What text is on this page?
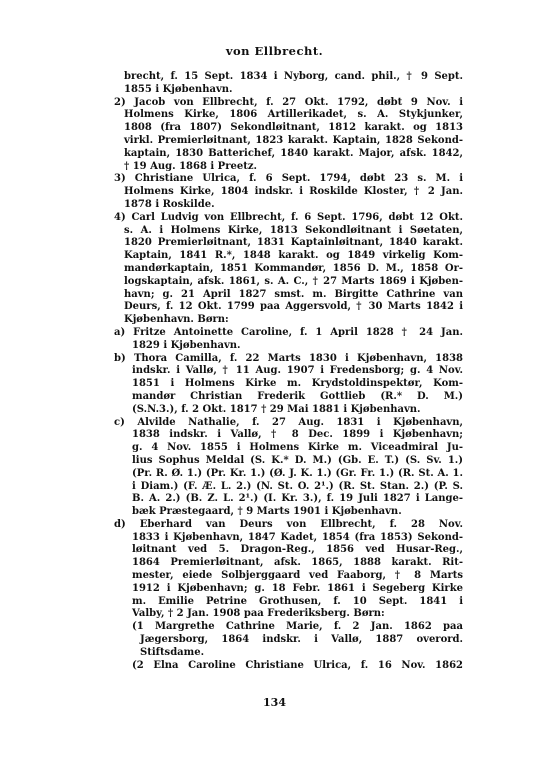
von Ellbrecht.
brecht, f. 15 Sept. 1834 i Nyborg, cand. phil., † 9 Sept.
1855 i Kjøbenhavn.
2) Jacob von Ellbrecht, f. 27 Okt. 1792, døbt 9 Nov. i
Holmens Kirke, 1806 Artillerikadet, s. A. Stykjunker,
1808 (fra 1807) Sekondløitnant, 1812 karakt. og 1813
virkl. Premierløitnant, 1823 karakt. Kaptain, 1828 Sekond-
kaptain, 1830 Batterichef, 1840 karakt. Major, afsk. 1842,
† 19 Aug. 1868 i Preetz.
3) Christiane Ulrica, f. 6 Sept. 1794, døbt 23 s. M. i
Holmens Kirke, 1804 indskr. i Roskilde Kloster, † 2 Jan.
1878 i Roskilde.
4) Carl Ludvig von Ellbrecht, f. 6 Sept. 1796, døbt 12 Okt.
s. A. i Holmens Kirke, 1813 Sekondløitnant i Søetaten,
1820 Premierløitnant, 1831 Kaptainløitnant, 1840 karakt.
Kaptain, 1841 R.*, 1848 karakt. og 1849 virkelig Kom-
mandørkaptain, 1851 Kommandør, 1856 D. M., 1858 Or-
logskaptain, afsk. 1861, s. A. C., † 27 Marts 1869 i Kjøben-
havn; g. 21 April 1827 smst. m. Birgitte Cathrine van
Deurs, f. 12 Okt. 1799 paa Aggersvold, † 30 Marts 1842 i
Kjøbenhavn. Børn:
a) Fritze Antoinette Caroline, f. 1 April 1828 † 24 Jan.
1829 i Kjøbenhavn.
b) Thora Camilla, f. 22 Marts 1830 i Kjøbenhavn, 1838
indskr. i Vallø, † 11 Aug. 1907 i Fredensborg; g. 4 Nov.
1851 i Holmens Kirke m. Krydstoldinspektør, Kom-
mandør Christian Frederik Gottlieb (R.* D. M.)
(S.N.3.), f. 2 Okt. 1817 † 29 Mai 1881 i Kjøbenhavn.
c) Alvilde Nathalie, f. 27 Aug. 1831 i Kjøbenhavn,
1838 indskr. i Vallø, † 8 Dec. 1899 i Kjøbenhavn;
g. 4 Nov. 1855 i Holmens Kirke m. Viceadmiral Ju-
lius Sophus Meldal (S. K.* D. M.) (Gb. E. T.) (S. Sv. 1.)
(Pr. R. Ø. 1.) (Pr. Kr. 1.) (Ø. J. K. 1.) (Gr. Fr. 1.) (R. St. A. 1.
i Diam.) (F. Æ. L. 2.) (N. St. O. 2¹.) (R. St. Stan. 2.) (P. S.
B. A. 2.) (B. Z. L. 2¹.) (I. Kr. 3.), f. 19 Juli 1827 i Lange-
bæk Præstegaard, † 9 Marts 1901 i Kjøbenhavn.
d) Eberhard van Deurs von Ellbrecht, f. 28 Nov.
1833 i Kjøbenhavn, 1847 Kadet, 1854 (fra 1853) Sekond-
løitnant ved 5. Dragon-Reg., 1856 ved Husar-Reg.,
1864 Premierløitnant, afsk. 1865, 1888 karakt. Rit-
mester, eiede Solbjerggaard ved Faaborg, † 8 Marts
1912 i Kjøbenhavn; g. 18 Febr. 1861 i Segeberg Kirke
m. Emilie Petrine Grothusen, f. 10 Sept. 1841 i
Valby, † 2 Jan. 1908 paa Frederiksberg. Børn:
(1 Margrethe Cathrine Marie, f. 2 Jan. 1862 paa
Jægersborg, 1864 indskr. i Vallø, 1887 overord.
Stiftsdame.
(2 Elna Caroline Christiane Ulrica, f. 16 Nov. 1862
134
